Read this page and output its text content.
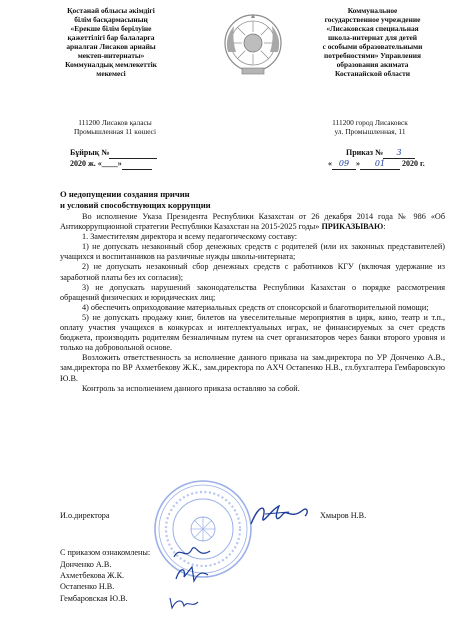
Қостанай облысы әкімдігі
білім басқармасының
«Ерекше білім берілуіне
қажеттілігі бар балаларға
арналған Лисаков арнайы
мектеп-интернаты»
Коммуналдық мемлекеттік
мекемесі
Коммунальное
государственное учреждение
«Лисаковская специальная
школа-интернат для детей
с особыми образовательными
потребностями» Управления
образования акимата
Костанайской области
111200 Лисаков қаласы
Промышленная 11 көшесі
111200 город Лисаковск
ул. Промышленная, 11
Бұйрық №
2020 ж. «____»
Приказ № 3
« 09 » 01 2020 г.
О недопущении создания причин
и условий способствующих коррупции

Во исполнение Указа Президента Республики Казахстан от 26 декабря 2014 года № 986 «Об Антикоррупционной стратегии Республики Казахстан на 2015-2025 годы» ПРИКАЗЫВАЮ:

1. Заместителям директора и всему педагогическому составу:

1) не допускать незаконный сбор денежных средств с родителей (или их законных представителей) учащихся и воспитанников на различные нужды школы-интерната;

2) не допускать незаконный сбор денежных средств с работников КГУ (включая удержание из заработной платы без их согласия);

3) не допускать нарушений законодательства Республики Казахстан о порядке рассмотрения обращений физических и юридических лиц;

4) обеспечить оприходование материальных средств от спонсорской и благотворительной помощи;

5) не допускать продажу книг, билетов на увеселительные мероприятия в цирк, кино, театр и т.п., оплату участия учащихся в конкурсах и интеллектуальных играх, не финансируемых за счет средств бюджета, производить родителям безналичным путем на счет организаторов через банки второго уровня и только на добровольной основе.

Возложить ответственность за исполнение данного приказа на зам.директора по УР Донченко А.В., зам.директора по ВР Ахметбекову Ж.К., зам.директора по АХЧ Остапенко Н.В., гл.бухгалтера Гембаровскую Ю.В.

Контроль за исполнением данного приказа оставляю за собой.

И.о.директора	Хмыров Н.В.
С приказом ознакомлены:
Донченко А.В.
Ахметбекова Ж.К.
Остапенко Н.В.
Гембаровская Ю.В.
